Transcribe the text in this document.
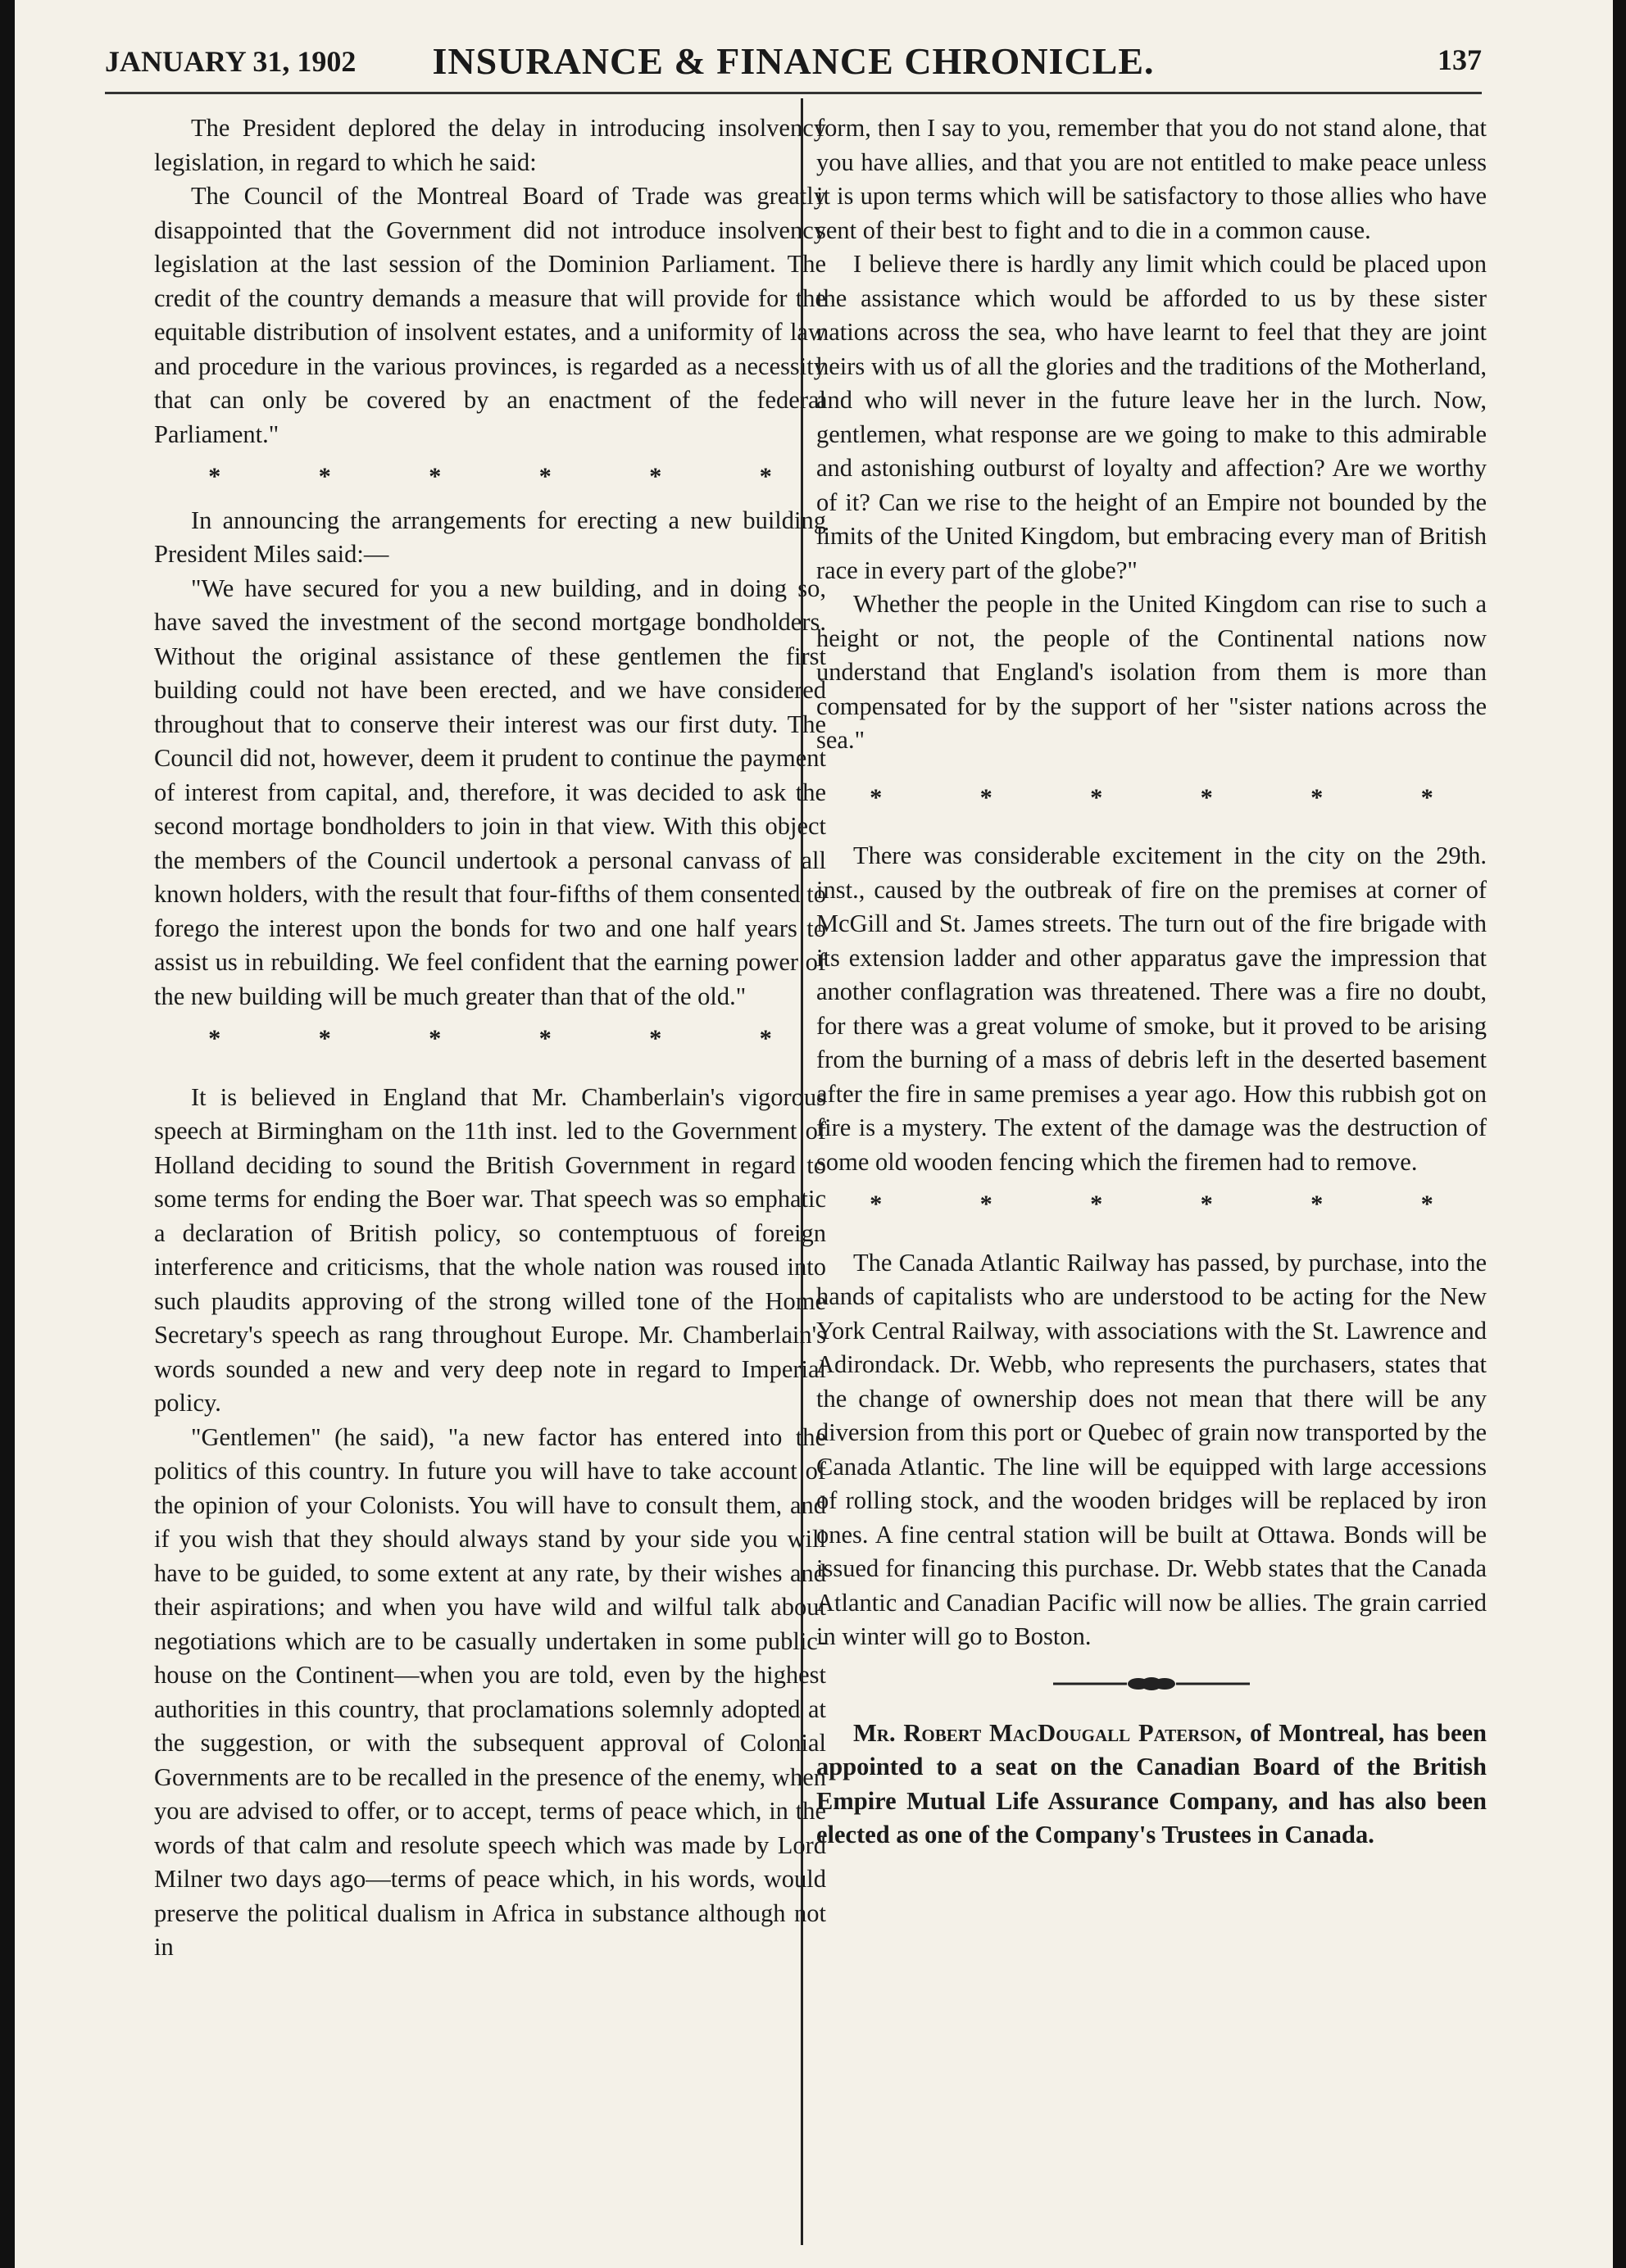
JANUARY 31, 1902	INSURANCE & FINANCE CHRONICLE.	137

The President deplored the delay in introducing insolvency legislation, in regard to which he said:

The Council of the Montreal Board of Trade was greatly disappointed that the Government did not introduce insolvency legislation at the last session of the Dominion Parliament. The credit of the country demands a measure that will provide for the equitable distribution of insolvent estates, and a uniformity of law and procedure in the various provinces, is regarded as a necessity that can only be covered by an enactment of the federal Parliament."

* * * * * *

In announcing the arrangements for erecting a new building President Miles said:—

"We have secured for you a new building, and in doing so, have saved the investment of the second mortgage bondholders. Without the original assistance of these gentlemen the first building could not have been erected, and we have considered throughout that to conserve their interest was our first duty. The Council did not, however, deem it prudent to continue the payment of interest from capital, and, therefore, it was decided to ask the second mortage bondholders to join in that view. With this object the members of the Council undertook a personal canvass of all known holders, with the result that four-fifths of them consented to forego the interest upon the bonds for two and one half years to assist us in rebuilding. We feel confident that the earning power of the new building will be much greater than that of the old."

* * * * * *

It is believed in England that Mr. Chamberlain's vigorous speech at Birmingham on the 11th inst. led to the Government of Holland deciding to sound the British Government in regard to some terms for ending the Boer war. That speech was so emphatic a declaration of British policy, so contemptuous of foreign interference and criticisms, that the whole nation was roused into such plaudits approving of the strong willed tone of the Home Secretary's speech as rang throughout Europe. Mr. Chamberlain's words sounded a new and very deep note in regard to Imperial policy.

"Gentlemen" (he said), "a new factor has entered into the politics of this country. In future you will have to take account of the opinion of your Colonists. You will have to consult them, and if you wish that they should always stand by your side you will have to be guided, to some extent at any rate, by their wishes and their aspirations; and when you have wild and wilful talk about negotiations which are to be casually undertaken in some public-house on the Continent—when you are told, even by the highest authorities in this country, that proclamations solemnly adopted at the suggestion, or with the subsequent approval of Colonial Governments are to be recalled in the presence of the enemy, when you are advised to offer, or to accept, terms of peace which, in the words of that calm and resolute speech which was made by Lord Milner two days ago—terms of peace which, in his words, would preserve the political dualism in Africa in substance although not in

form, then I say to you, remember that you do not stand alone, that you have allies, and that you are not entitled to make peace unless it is upon terms which will be satisfactory to those allies who have sent of their best to fight and to die in a common cause.

I believe there is hardly any limit which could be placed upon the assistance which would be afforded to us by these sister nations across the sea, who have learnt to feel that they are joint heirs with us of all the glories and the traditions of the Motherland, and who will never in the future leave her in the lurch. Now, gentlemen, what response are we going to make to this admirable and astonishing outburst of loyalty and affection? Are we worthy of it? Can we rise to the height of an Empire not bounded by the limits of the United Kingdom, but embracing every man of British race in every part of the globe?"

Whether the people in the United Kingdom can rise to such a height or not, the people of the Continental nations now understand that England's isolation from them is more than compensated for by the support of her "sister nations across the sea."

* * * * * *

There was considerable excitement in the city on the 29th. inst., caused by the outbreak of fire on the premises at corner of McGill and St. James streets. The turn out of the fire brigade with its extension ladder and other apparatus gave the impression that another conflagration was threatened. There was a fire no doubt, for there was a great volume of smoke, but it proved to be arising from the burning of a mass of debris left in the deserted basement after the fire in same premises a year ago. How this rubbish got on fire is a mystery. The extent of the damage was the destruction of some old wooden fencing which the firemen had to remove.

* * * * * *

The Canada Atlantic Railway has passed, by purchase, into the hands of capitalists who are understood to be acting for the New York Central Railway, with associations with the St. Lawrence and Adirondack. Dr. Webb, who represents the purchasers, states that the change of ownership does not mean that there will be any diversion from this port or Quebec of grain now transported by the Canada Atlantic. The line will be equipped with large accessions of rolling stock, and the wooden bridges will be replaced by iron ones. A fine central station will be built at Ottawa. Bonds will be issued for financing this purchase. Dr. Webb states that the Canada Atlantic and Canadian Pacific will now be allies. The grain carried in winter will go to Boston.

Mr. Robert MacDougall Paterson, of Montreal, has been appointed to a seat on the Canadian Board of the British Empire Mutual Life Assurance Company, and has also been elected as one of the Company's Trustees in Canada.
